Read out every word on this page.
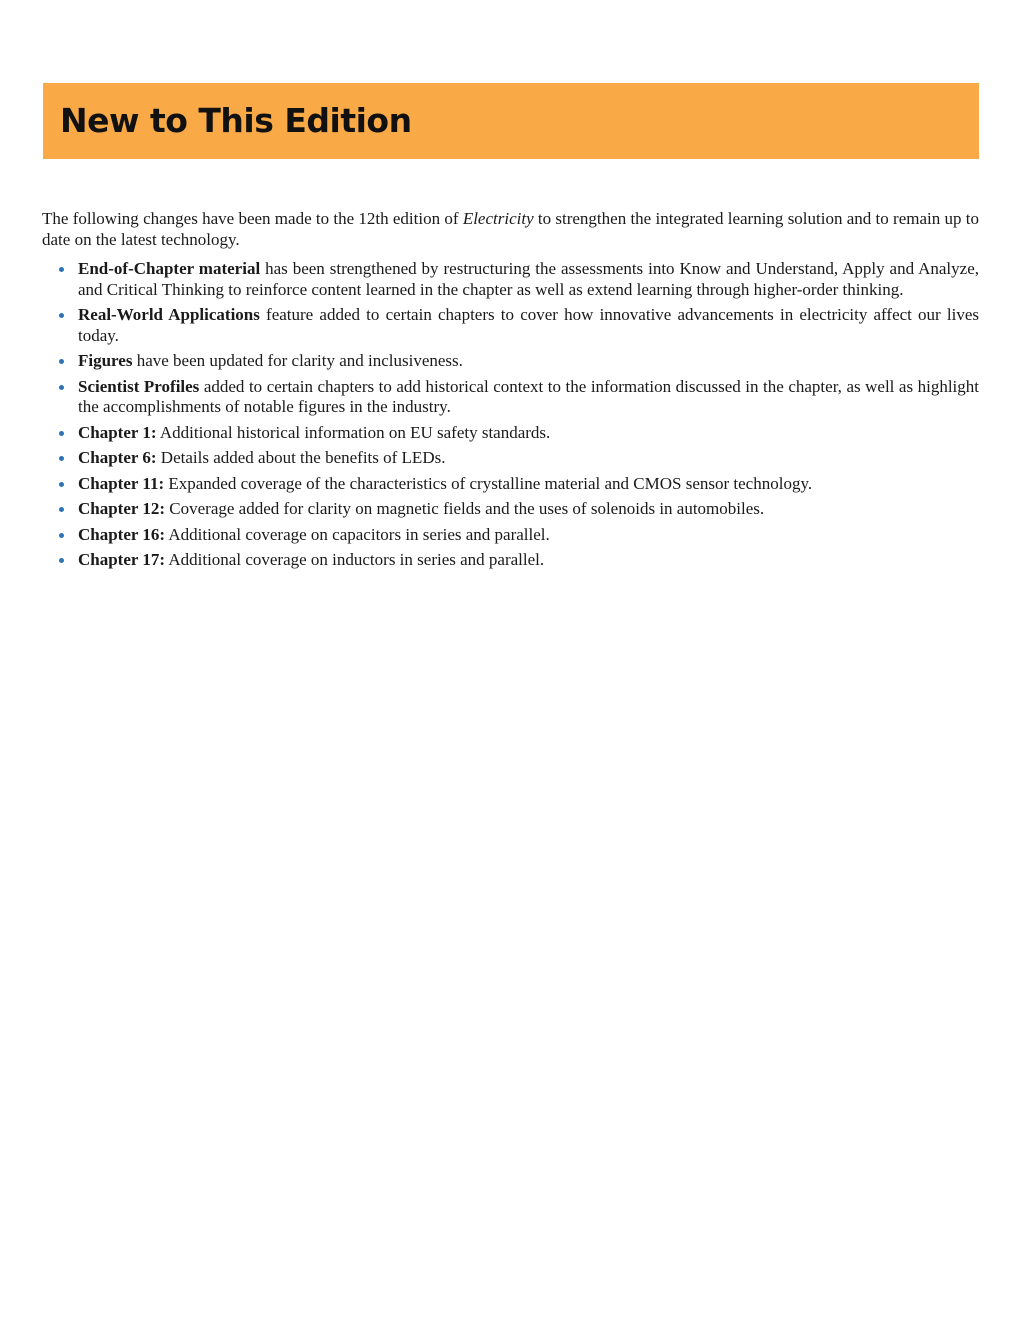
New to This Edition

The following changes have been made to the 12th edition of Electricity to strengthen the integrated learning solution and to remain up to date on the latest technology.

End-of-Chapter material has been strengthened by restructuring the assessments into Know and Understand, Apply and Analyze, and Critical Thinking to reinforce content learned in the chapter as well as extend learning through higher-order thinking.
Real-World Applications feature added to certain chapters to cover how innovative advancements in electricity affect our lives today.
Figures have been updated for clarity and inclusiveness.
Scientist Profiles added to certain chapters to add historical context to the information discussed in the chapter, as well as highlight the accomplishments of notable figures in the industry.
Chapter 1: Additional historical information on EU safety standards.
Chapter 6: Details added about the benefits of LEDs.
Chapter 11: Expanded coverage of the characteristics of crystalline material and CMOS sensor technology.
Chapter 12: Coverage added for clarity on magnetic fields and the uses of solenoids in automobiles.
Chapter 16: Additional coverage on capacitors in series and parallel.
Chapter 17: Additional coverage on inductors in series and parallel.
